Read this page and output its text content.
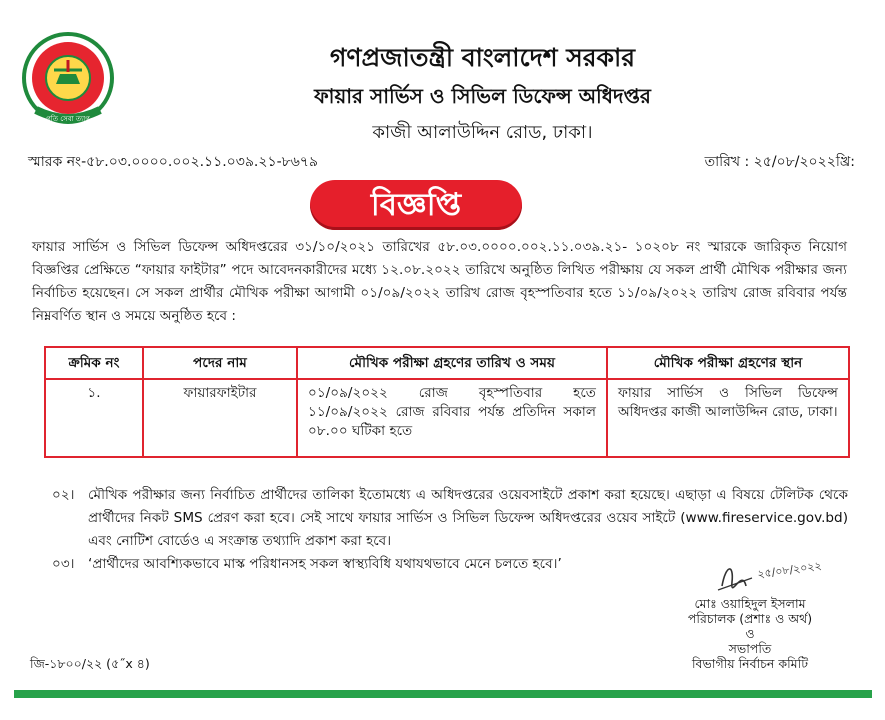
গতি সেবা ত্যাগ
গণপ্রজাতন্ত্রী বাংলাদেশ সরকার
ফায়ার সার্ভিস ও সিভিল ডিফেন্স অধিদপ্তর
কাজী আলাউদ্দিন রোড, ঢাকা।
স্মারক নং-৫৮.০৩.০০০০.০০২.১১.০৩৯.২১-৮৬৭৯	তারিখ : ২৫/০৮/২০২২খ্রি:
বিজ্ঞপ্তি
ফায়ার সার্ভিস ও সিভিল ডিফেন্স অধিদপ্তরের ৩১/১০/২০২১ তারিখের ৫৮.০৩.০০০০.০০২.১১.০৩৯.২১- ১০২০৮ নং স্মারকে জারিকৃত নিয়োগ বিজ্ঞপ্তির প্রেক্ষিতে “ফায়ার ফাইটার” পদে আবেদনকারীদের মধ্যে ১২.০৮.২০২২ তারিখে অনুষ্ঠিত লিখিত পরীক্ষায় যে সকল প্রার্থী মৌখিক পরীক্ষার জন্য নির্বাচিত হয়েছেন। সে সকল প্রার্থীর মৌখিক পরীক্ষা আগামী ০১/০৯/২০২২ তারিখ রোজ বৃহস্পতিবার হতে ১১/০৯/২০২২ তারিখ রোজ রবিবার পর্যন্ত নিম্নবর্ণিত স্থান ও সময়ে অনুষ্ঠিত হবে :
ক্রমিক নং	পদের নাম	মৌখিক পরীক্ষা গ্রহণের তারিখ ও সময়	মৌখিক পরীক্ষা গ্রহণের স্থান
১.	ফায়ারফাইটার	০১/০৯/২০২২ রোজ বৃহস্পতিবার হতে ১১/০৯/২০২২ রোজ রবিবার পর্যন্ত প্রতিদিন সকাল ০৮.০০ ঘটিকা হতে	ফায়ার সার্ভিস ও সিভিল ডিফেন্স অধিদপ্তর কাজী আলাউদ্দিন রোড, ঢাকা।
০২। মৌখিক পরীক্ষার জন্য নির্বাচিত প্রার্থীদের তালিকা ইতোমধ্যে এ অধিদপ্তরের ওয়েবসাইটে প্রকাশ করা হয়েছে। এছাড়া এ বিষয়ে টেলিটক থেকে প্রার্থীদের নিকট SMS প্রেরণ করা হবে। সেই সাথে ফায়ার সার্ভিস ও সিভিল ডিফেন্স অধিদপ্তরের ওয়েব সাইটে (www.fireservice.gov.bd) এবং নোটিশ বোর্ডেও এ সংক্রান্ত তথ্যাদি প্রকাশ করা হবে।
০৩। ‘প্রার্থীদের আবশ্যিকভাবে মাস্ক পরিধানসহ সকল স্বাস্থ্যবিধি যথাযথভাবে মেনে চলতে হবে।’	২৫/০৮/২০২২
মোঃ ওয়াহিদুল ইসলাম
পরিচালক (প্রশাঃ ও অর্থ)
ও
সভাপতি
বিভাগীয় নির্বাচন কমিটি
জি-১৮০০/২২ (৫˝x ৪)
